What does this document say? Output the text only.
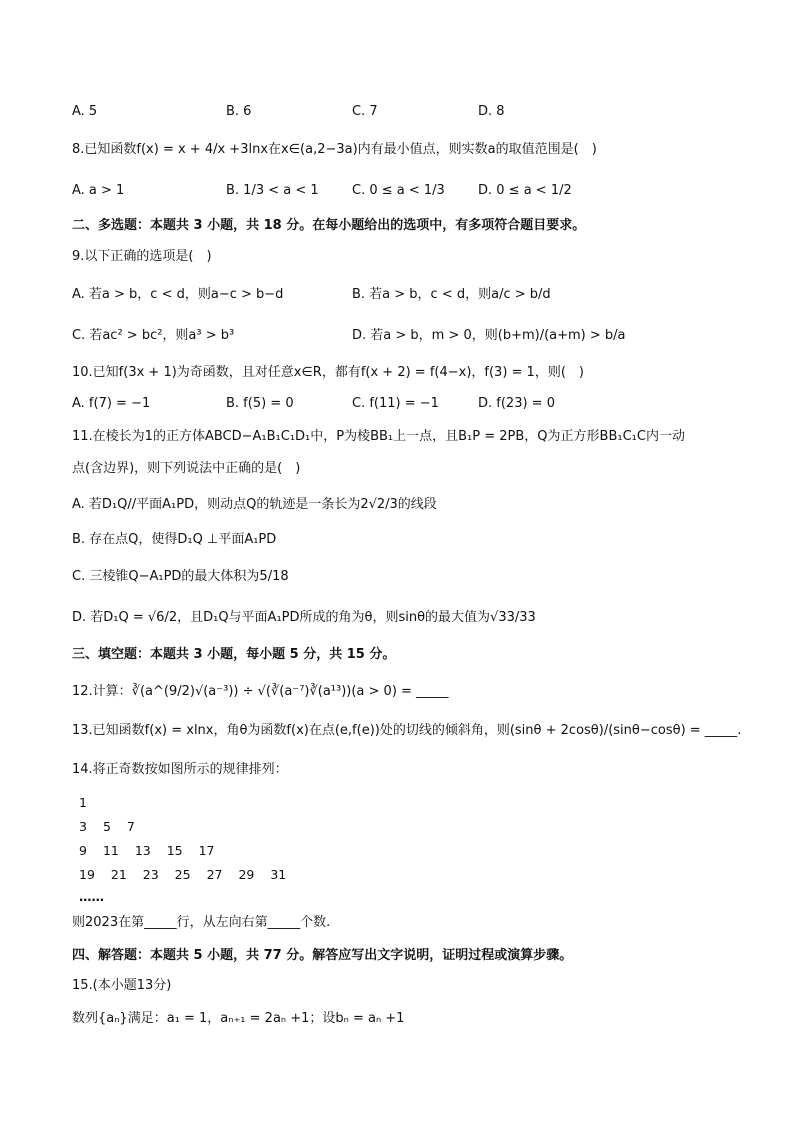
A. 5	B. 6	C. 7	D. 8
8.已知函数f(x) = x + 4/x +3lnx在x∈(a,2−3a)内有最小值点，则实数a的取值范围是(　)
A. a > 1	B. 1/3 < a < 1	C. 0 ≤ a < 1/3	D. 0 ≤ a < 1/2
二、多选题：本题共 3 小题，共 18 分。在每小题给出的选项中，有多项符合题目要求。
9.以下正确的选项是(　)
A. 若a > b，c < d，则a−c > b−d	B. 若a > b，c < d，则a/c > b/d
C. 若ac² > bc²，则a³ > b³	D. 若a > b，m > 0，则(b+m)/(a+m) > b/a
10.已知f(3x + 1)为奇函数，且对任意x∈R，都有f(x + 2) = f(4−x)，f(3) = 1，则(　)
A. f(7) = −1	B. f(5) = 0	C. f(11) = −1	D. f(23) = 0
11.在棱长为1的正方体ABCD−A₁B₁C₁D₁中，P为棱BB₁上一点，且B₁P = 2PB，Q为正方形BB₁C₁C内一动
点(含边界)，则下列说法中正确的是(　)
A. 若D₁Q//平面A₁PD，则动点Q的轨迹是一条长为2√2/3的线段
B. 存在点Q，使得D₁Q ⊥平面A₁PD
C. 三棱锥Q−A₁PD的最大体积为5/18
D. 若D₁Q = √6/2，且D₁Q与平面A₁PD所成的角为θ，则sinθ的最大值为√33/33
三、填空题：本题共 3 小题，每小题 5 分，共 15 分。
12.计算：∛(a^(9/2)√(a⁻³)) ÷ √(∛(a⁻⁷)∛(a¹³))(a > 0) = _____
13.已知函数f(x) = xlnx，角θ为函数f(x)在点(e,f(e))处的切线的倾斜角，则(sinθ + 2cosθ)/(sinθ−cosθ) = _____.
14.将正奇数按如图所示的规律排列：
1
3 5 7
9 11 13 15 17
19 21 23 25 27 29 31
……
则2023在第_____行，从左向右第_____个数.
四、解答题：本题共 5 小题，共 77 分。解答应写出文字说明，证明过程或演算步骤。
15.(本小题13分)
数列{aₙ}满足：a₁ = 1，aₙ₊₁ = 2aₙ +1；设bₙ = aₙ +1
